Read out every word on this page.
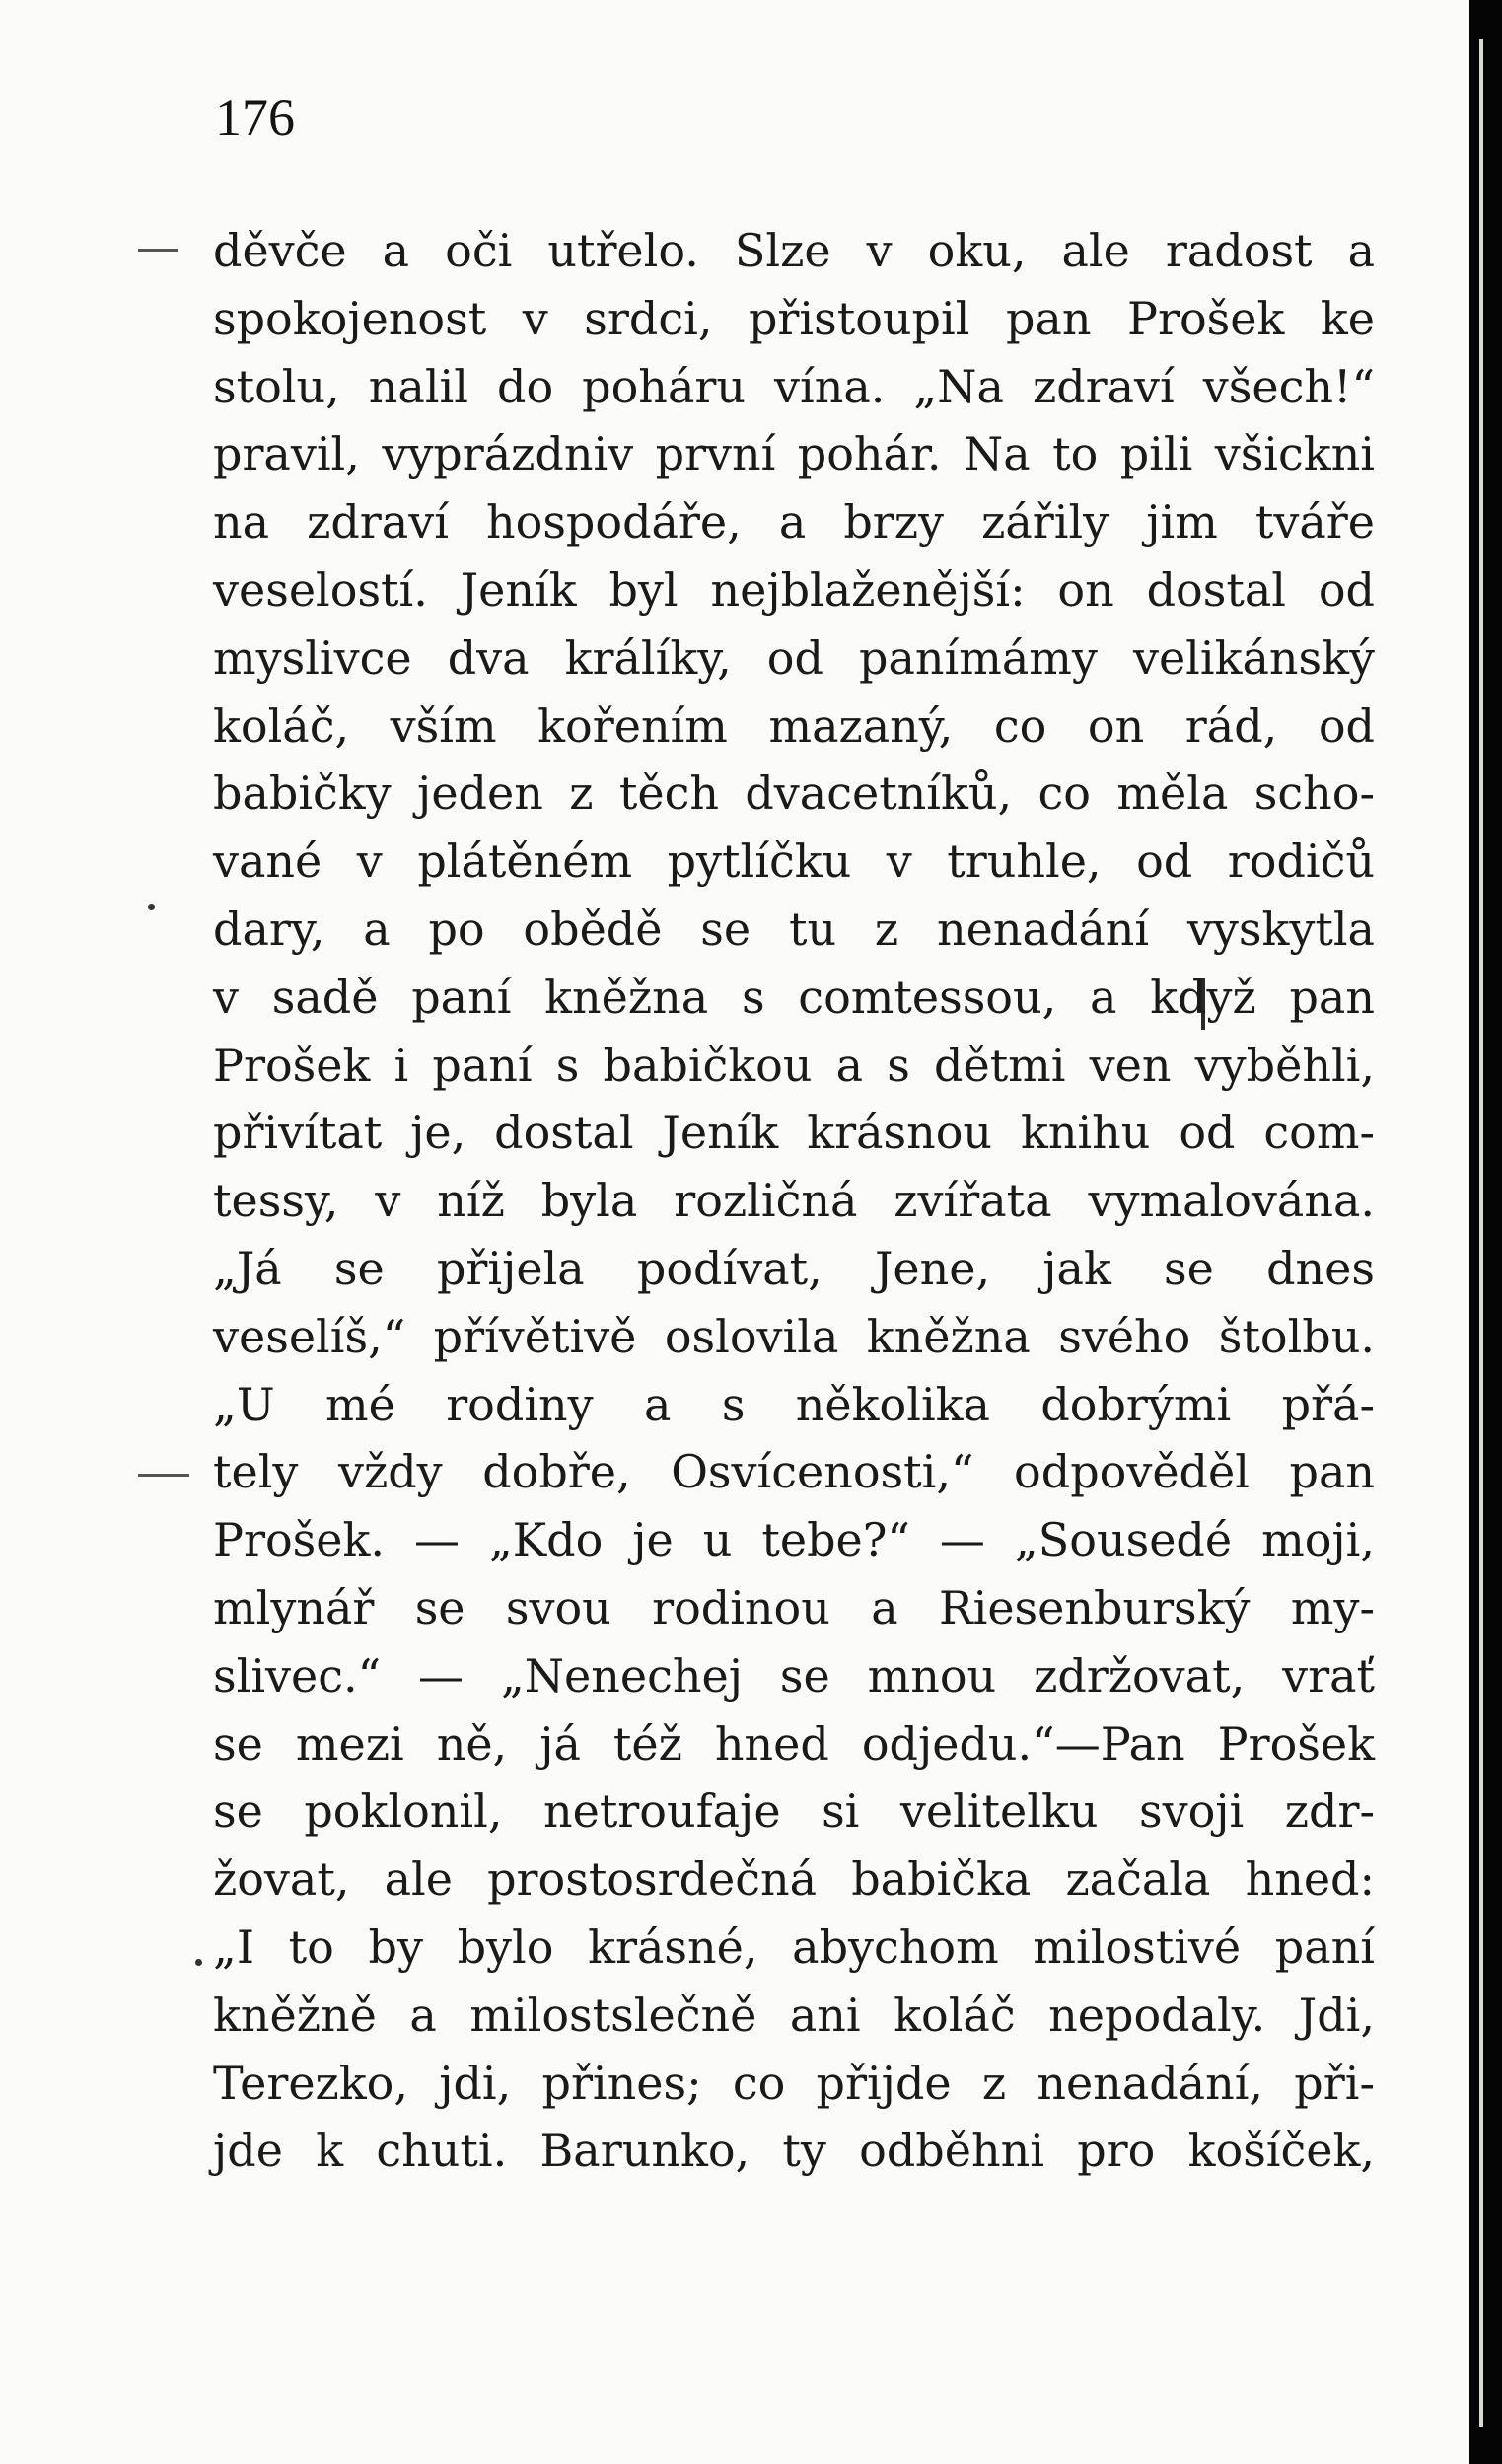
176
děvče a oči utřelo. Slze v oku, ale radost a
spokojenost v srdci, přistoupil pan Prošek ke
stolu, nalil do poháru vína. „Na zdraví všech!“
pravil, vyprázdniv první pohár. Na to pili všickni
na zdraví hospodáře, a brzy zářily jim tváře
veselostí. Jeník byl nejblaženější: on dostal od
myslivce dva králíky, od panímámy velikánský
koláč, vším kořením mazaný, co on rád, od
babičky jeden z těch dvacetníků, co měla scho-
vané v plátěném pytlíčku v truhle, od rodičů
dary, a po obědě se tu z nenadání vyskytla
v sadě paní kněžna s comtessou, a když pan
Prošek i paní s babičkou a s dětmi ven vyběhli,
přivítat je, dostal Jeník krásnou knihu od com-
tessy, v níž byla rozličná zvířata vymalována.
„Já se přijela podívat, Jene, jak se dnes
veselíš,“ přívětivě oslovila kněžna svého štolbu.
„U mé rodiny a s několika dobrými přá-
tely vždy dobře, Osvícenosti,“ odpověděl pan
Prošek. — „Kdo je u tebe?“ — „Sousedé moji,
mlynář se svou rodinou a Riesenburský my-
slivec.“ — „Nenechej se mnou zdržovat, vrať
se mezi ně, já též hned odjedu.“—Pan Prošek
se poklonil, netroufaje si velitelku svoji zdr-
žovat, ale prostosrdečná babička začala hned:
„I to by bylo krásné, abychom milostivé paní
kněžně a milostslečně ani koláč nepodaly. Jdi,
Terezko, jdi, přines; co přijde z nenadání, při-
jde k chuti. Barunko, ty odběhni pro košíček,
